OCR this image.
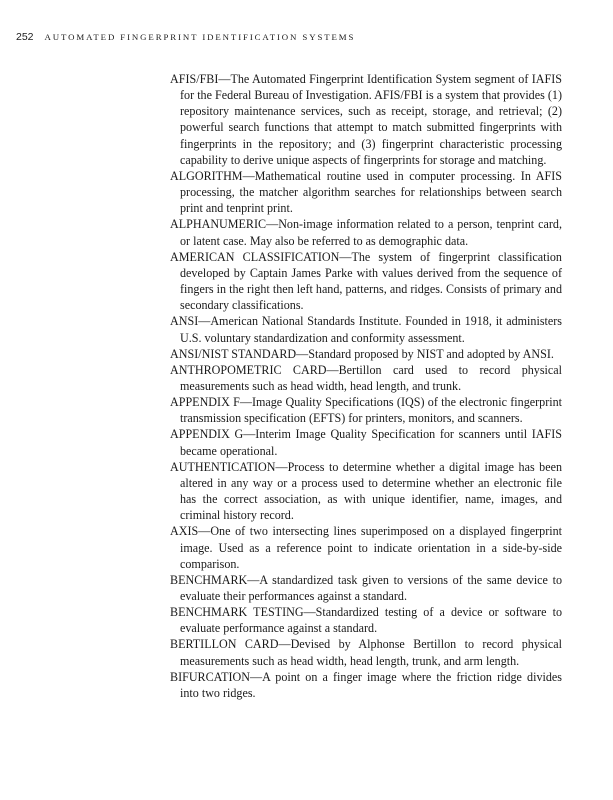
252 AUTOMATED FINGERPRINT IDENTIFICATION SYSTEMS

AFIS/FBI—The Automated Fingerprint Identification System segment of IAFIS for the Federal Bureau of Investigation. AFIS/FBI is a system that provides (1) repository maintenance services, such as receipt, storage, and retrieval; (2) powerful search functions that attempt to match submitted fingerprints with fingerprints in the repository; and (3) fingerprint characteristic processing capability to derive unique aspects of fingerprints for storage and matching.

ALGORITHM—Mathematical routine used in computer processing. In AFIS processing, the matcher algorithm searches for relationships between search print and tenprint print.

ALPHANUMERIC—Non-image information related to a person, tenprint card, or latent case. May also be referred to as demographic data.

AMERICAN CLASSIFICATION—The system of fingerprint classification developed by Captain James Parke with values derived from the sequence of fingers in the right then left hand, patterns, and ridges. Consists of primary and secondary classifications.

ANSI—American National Standards Institute. Founded in 1918, it administers U.S. voluntary standardization and conformity assessment.

ANSI/NIST STANDARD—Standard proposed by NIST and adopted by ANSI.

ANTHROPOMETRIC CARD—Bertillon card used to record physical measurements such as head width, head length, and trunk.

APPENDIX F—Image Quality Specifications (IQS) of the electronic fingerprint transmission specification (EFTS) for printers, monitors, and scanners.

APPENDIX G—Interim Image Quality Specification for scanners until IAFIS became operational.

AUTHENTICATION—Process to determine whether a digital image has been altered in any way or a process used to determine whether an electronic file has the correct association, as with unique identifier, name, images, and criminal history record.

AXIS—One of two intersecting lines superimposed on a displayed fingerprint image. Used as a reference point to indicate orientation in a side-by-side comparison.

BENCHMARK—A standardized task given to versions of the same device to evaluate their performances against a standard.

BENCHMARK TESTING—Standardized testing of a device or software to evaluate performance against a standard.

BERTILLON CARD—Devised by Alphonse Bertillon to record physical measurements such as head width, head length, trunk, and arm length.

BIFURCATION—A point on a finger image where the friction ridge divides into two ridges.
